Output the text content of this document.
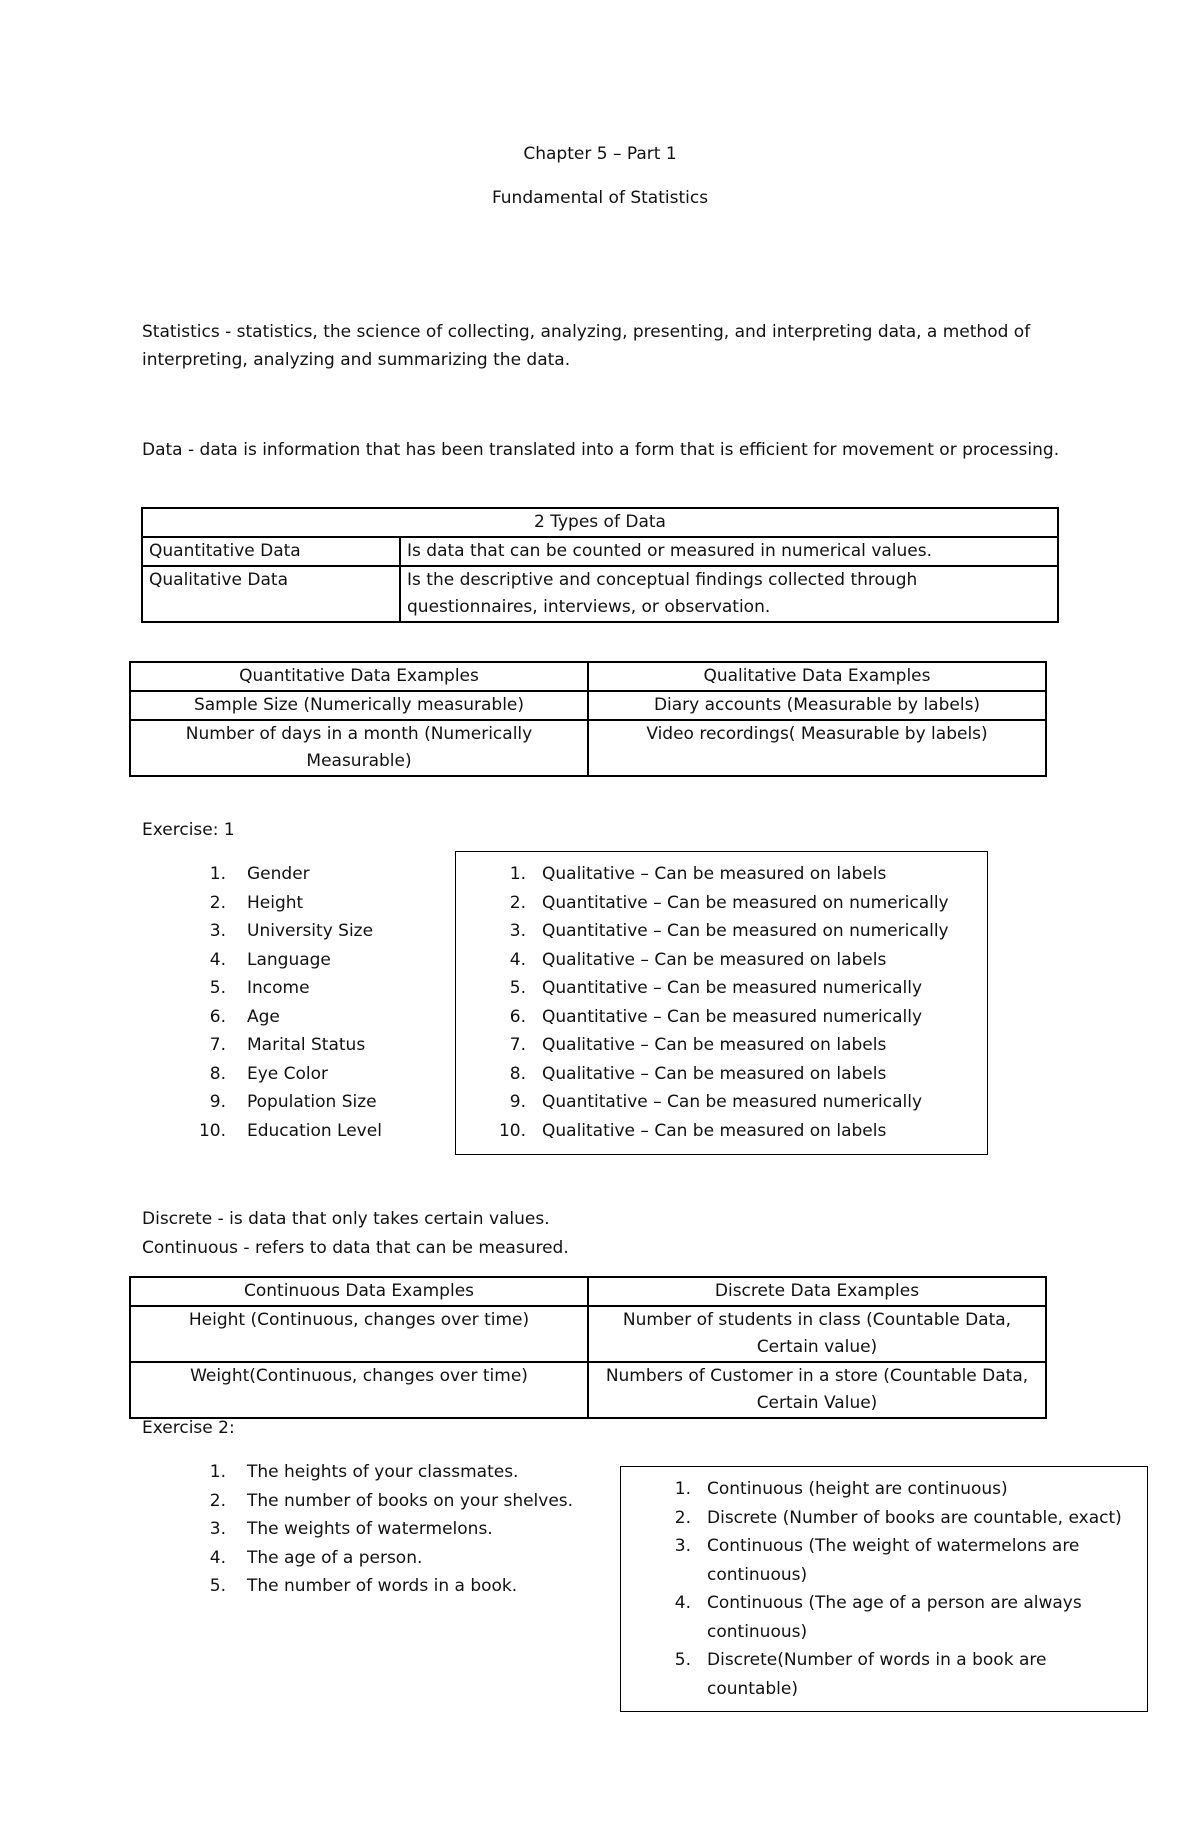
Chapter 5 – Part 1
Fundamental of Statistics
Statistics - statistics, the science of collecting, analyzing, presenting, and interpreting data, a method of interpreting, analyzing and summarizing the data.
Data - data is information that has been translated into a form that is efficient for movement or processing.
2 Types of Data	
Quantitative Data	Is data that can be counted or measured in numerical values.
Qualitative Data	Is the descriptive and conceptual findings collected through questionnaires, interviews, or observation.
Quantitative Data Examples	Qualitative Data Examples
Sample Size (Numerically measurable)	Diary accounts (Measurable by labels)
Number of days in a month (Numerically Measurable)	Video recordings( Measurable by labels)
Exercise: 1
1. Gender
2. Height
3. University Size
4. Language
5. Income
6. Age
7. Marital Status
8. Eye Color
9. Population Size
10. Education Level
1. Qualitative – Can be measured on labels
2. Quantitative – Can be measured on numerically
3. Quantitative – Can be measured on numerically
4. Qualitative – Can be measured on labels
5. Quantitative – Can be measured numerically
6. Quantitative – Can be measured numerically
7. Qualitative – Can be measured on labels
8. Qualitative – Can be measured on labels
9. Quantitative – Can be measured numerically
10. Qualitative – Can be measured on labels
Discrete - is data that only takes certain values.
Continuous - refers to data that can be measured.
Continuous Data Examples	Discrete Data Examples
Height (Continuous, changes over time)	Number of students in class (Countable Data, Certain value)
Weight(Continuous, changes over time)	Numbers of Customer in a store (Countable Data, Certain Value)
Exercise 2:
1. The heights of your classmates.
2. The number of books on your shelves.
3. The weights of watermelons.
4. The age of a person.
5. The number of words in a book.
1. Continuous (height are continuous)
2. Discrete (Number of books are countable, exact)
3. Continuous (The weight of watermelons are continuous)
4. Continuous (The age of a person are always continuous)
5. Discrete(Number of words in a book are countable)
